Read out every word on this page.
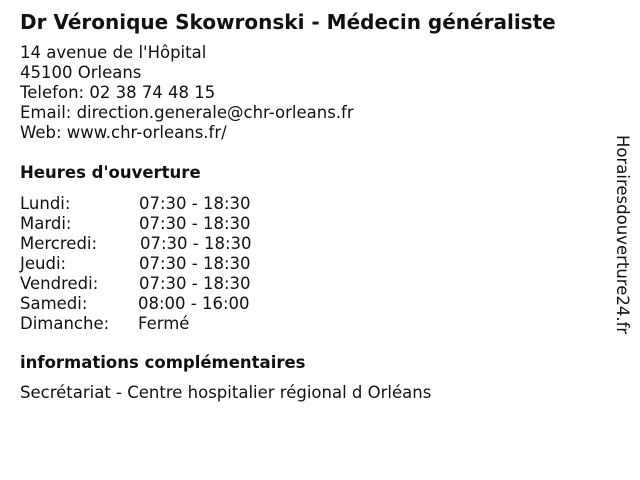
Dr Véronique Skowronski - Médecin généraliste
14 avenue de l'Hôpital
45100 Orleans
Telefon: 02 38 74 48 15
Email: direction.generale@chr-orleans.fr
Web: www.chr-orleans.fr/
Heures d'ouverture
Lundi:	07:30 - 18:30
Mardi:	07:30 - 18:30
Mercredi:	07:30 - 18:30
Jeudi:	07:30 - 18:30
Vendredi: 07:30 - 18:30
Samedi:	08:00 - 16:00
Dimanche: Fermé
informations complémentaires
Secrétariat - Centre hospitalier régional d Orléans
Horairesdouverture24.fr
